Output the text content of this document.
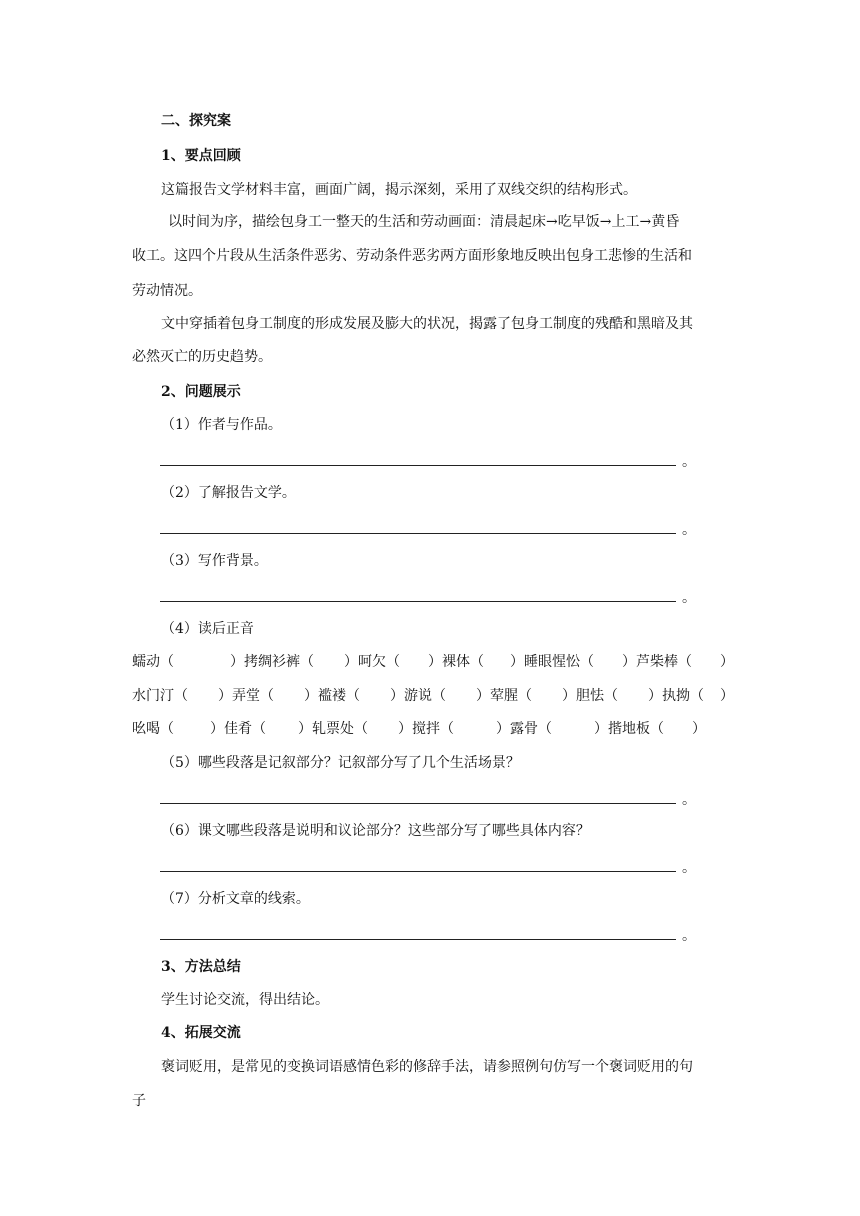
二、探究案
1、要点回顾
这篇报告文学材料丰富，画面广阔，揭示深刻，采用了双线交织的结构形式。
以时间为序，描绘包身工一整天的生活和劳动画面：清晨起床→吃早饭→上工→黄昏
收工。这四个片段从生活条件恶劣、劳动条件恶劣两方面形象地反映出包身工悲惨的生活和
劳动情况。
文中穿插着包身工制度的形成发展及膨大的状况，揭露了包身工制度的残酷和黑暗及其
必然灭亡的历史趋势。
2、问题展示
（1）作者与作品。
。
（2）了解报告文学。
。
（3）写作背景。
。
（4）读后正音
蠕动（	）拷绸衫裤（ ）呵欠（ ）裸体（ ）睡眼惺忪（ ）芦柴棒（ ）
水门汀（ ）弄堂（ ）褴褛（ ）游说（ ）荤腥（ ）胆怯（ ）执拗（ ）
吆喝（	）佳肴（ ）轧票处（ ）搅拌（	）露骨（	）揩地板（ ）
（5）哪些段落是记叙部分？记叙部分写了几个生活场景？
。
（6）课文哪些段落是说明和议论部分？这些部分写了哪些具体内容？
。
（7）分析文章的线索。
。
3、方法总结
学生讨论交流，得出结论。
4、拓展交流
褒词贬用，是常见的变换词语感情色彩的修辞手法，请参照例句仿写一个褒词贬用的句
子
